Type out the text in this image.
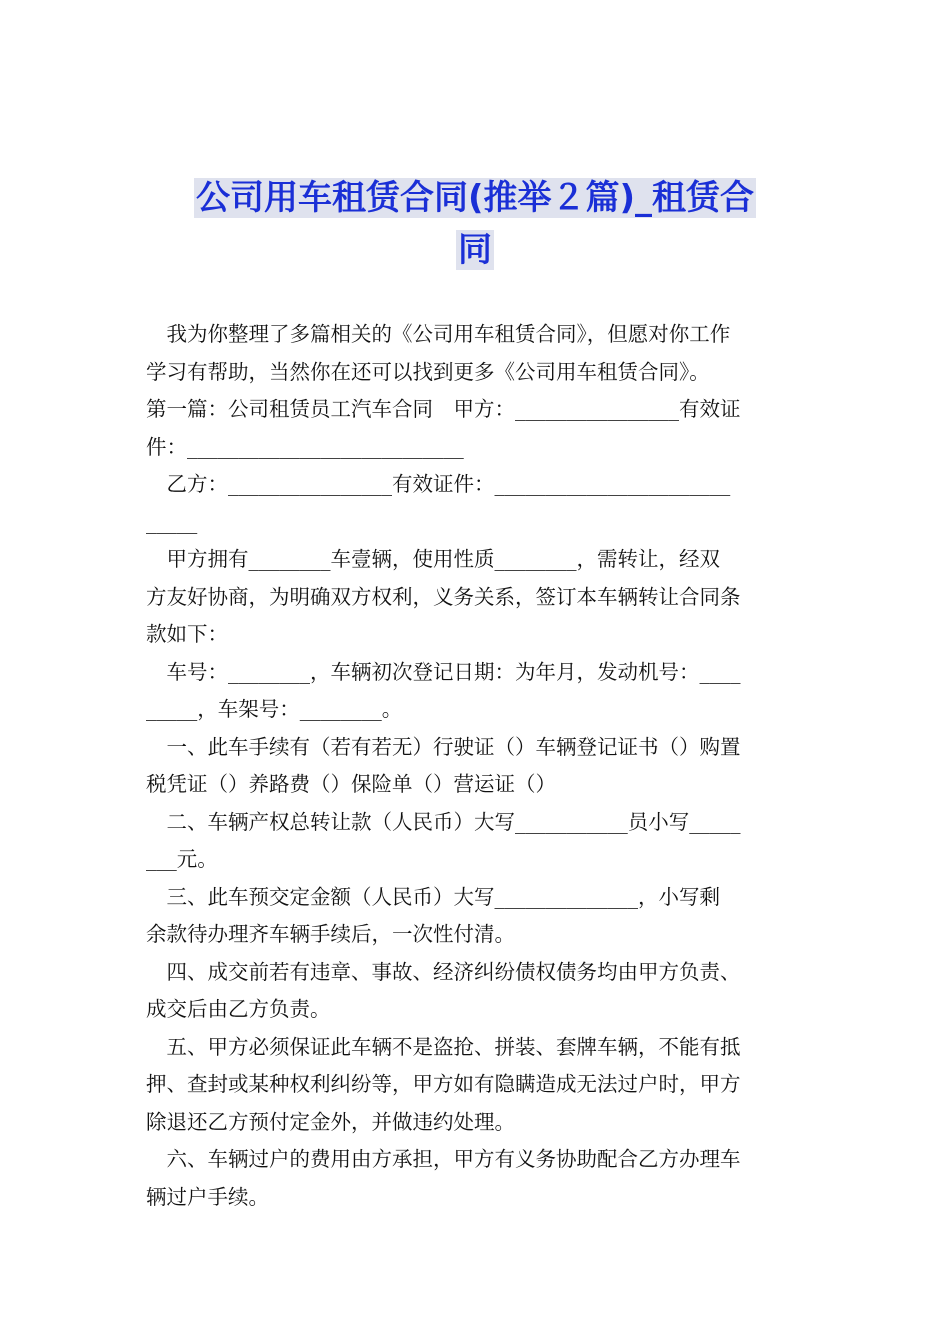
公司用车租赁合同(推举２篇)_租赁合
同
　我为你整理了多篇相关的《公司用车租赁合同》，但愿对你工作
学习有帮助，当然你在还可以找到更多《公司用车租赁合同》。
第一篇：公司租赁员工汽车合同　甲方：________________有效证
件：___________________________
　乙方：________________有效证件：_______________________
_____
　甲方拥有________车壹辆，使用性质________，需转让，经双
方友好协商，为明确双方权利，义务关系，签订本车辆转让合同条
款如下：
　车号：________，车辆初次登记日期：为年月，发动机号：____
_____，车架号：________。
　一、此车手续有（若有若无）行驶证（）车辆登记证书（）购置
税凭证（）养路费（）保险单（）营运证（）
　二、车辆产权总转让款（人民币）大写___________员小写_____
___元。
　三、此车预交定金额（人民币）大写______________，小写剩
余款待办理齐车辆手续后，一次性付清。
　四、成交前若有违章、事故、经济纠纷债权债务均由甲方负责、
成交后由乙方负责。
　五、甲方必须保证此车辆不是盗抢、拼装、套牌车辆，不能有抵
押、查封或某种权利纠纷等，甲方如有隐瞒造成无法过户时，甲方
除退还乙方预付定金外，并做违约处理。
　六、车辆过户的费用由方承担，甲方有义务协助配合乙方办理车
辆过户手续。
